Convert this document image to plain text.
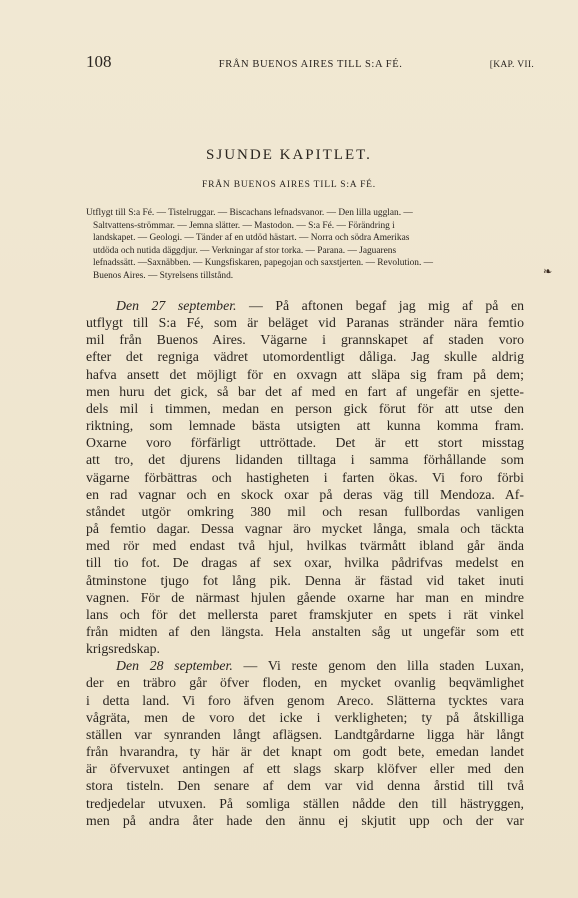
108	FRÅN BUENOS AIRES TILL S:A FÉ.	[KAP. VII.
SJUNDE KAPITLET.
FRÅN BUENOS AIRES TILL S:A FÉ.
Utflygt till S:a Fé. — Tistelruggar. — Biscachans lefnadsvanor. — Den lilla ugglan. —
Saltvattens-strömmar. — Jemna slätter. — Mastodon. — S:a Fé. — Förändring i
landskapet. — Geologi. — Tänder af en utdöd hästart. — Norra och södra Amerikas
utdöda och nutida däggdjur. — Verkningar af stor torka. — Parana. — Jaguarens
lefnadssätt. —Saxnäbben. — Kungsfiskaren, papegojan och saxstjerten. — Revolution. —
Buenos Aires. — Styrelsens tillstånd.	❧
Den 27 september. — På aftonen begaf jag mig af på en
utflygt till S:a Fé, som är beläget vid Paranas stränder nära femtio
mil från Buenos Aires. Vägarne i grannskapet af staden voro
efter det regniga vädret utomordentligt dåliga. Jag skulle aldrig
hafva ansett det möjligt för en oxvagn att släpa sig fram på dem;
men huru det gick, så bar det af med en fart af ungefär en sjette-
dels mil i timmen, medan en person gick förut för att utse den
riktning, som lemnade bästa utsigten att kunna komma fram.
Oxarne voro förfärligt uttröttade. Det är ett stort misstag
att tro, det djurens lidanden tilltaga i samma förhållande som
vägarne förbättras och hastigheten i farten ökas. Vi foro förbi
en rad vagnar och en skock oxar på deras väg till Mendoza. Af-
ståndet utgör omkring 380 mil och resan fullbordas vanligen
på femtio dagar. Dessa vagnar äro mycket långa, smala och täckta
med rör med endast två hjul, hvilkas tvärmått ibland går ända
till tio fot. De dragas af sex oxar, hvilka pådrifvas medelst en
åtminstone tjugo fot lång pik. Denna är fästad vid taket inuti
vagnen. För de närmast hjulen gående oxarne har man en mindre
lans och för det mellersta paret framskjuter en spets i rät vinkel
från midten af den längsta. Hela anstalten såg ut ungefär som ett
krigsredskap.
Den 28 september. — Vi reste genom den lilla staden Luxan,
der en träbro går öfver floden, en mycket ovanlig beqvämlighet
i detta land. Vi foro äfven genom Areco. Slätterna tycktes vara
vågräta, men de voro det icke i verkligheten; ty på åtskilliga
ställen var synranden långt aflägsen. Landtgårdarne ligga här långt
från hvarandra, ty här är det knapt om godt bete, emedan landet
är öfvervuxet antingen af ett slags skarp klöfver eller med den
stora tisteln. Den senare af dem var vid denna årstid till två
tredjedelar utvuxen. På somliga ställen nådde den till hästryggen,
men på andra åter hade den ännu ej skjutit upp och der var
